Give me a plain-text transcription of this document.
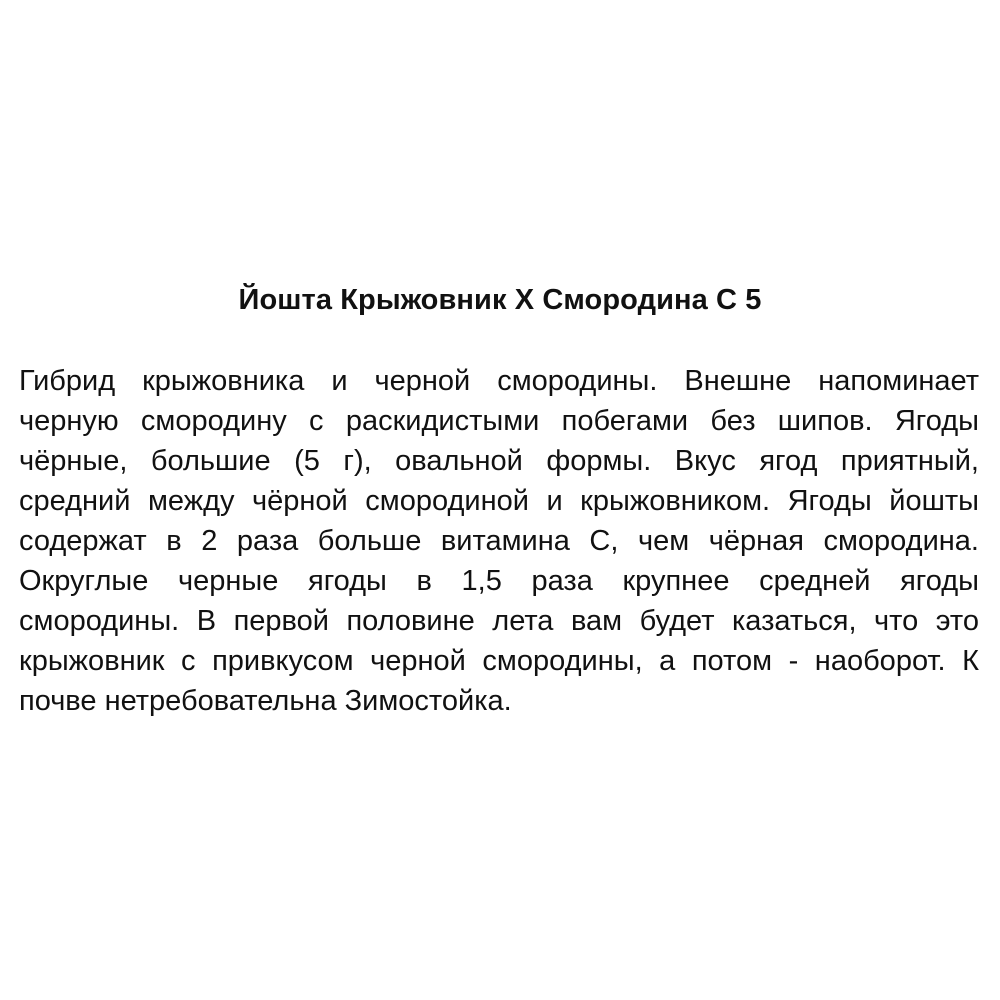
Йошта Крыжовник Х Смородина С 5

Гибрид крыжовника и черной смородины. Внешне напоминает
черную смородину с раскидистыми побегами без шипов. Ягоды
чёрные, большие (5 г), овальной формы. Вкус ягод приятный,
средний между чёрной смородиной и крыжовником. Ягоды йошты
содержат в 2 раза больше витамина С, чем чёрная смородина.
Округлые черные ягоды в 1,5 раза крупнее средней ягоды
смородины. В первой половине лета вам будет казаться, что это
крыжовник с привкусом черной смородины, а потом - наоборот. К
почве нетребовательна Зимостойка.
